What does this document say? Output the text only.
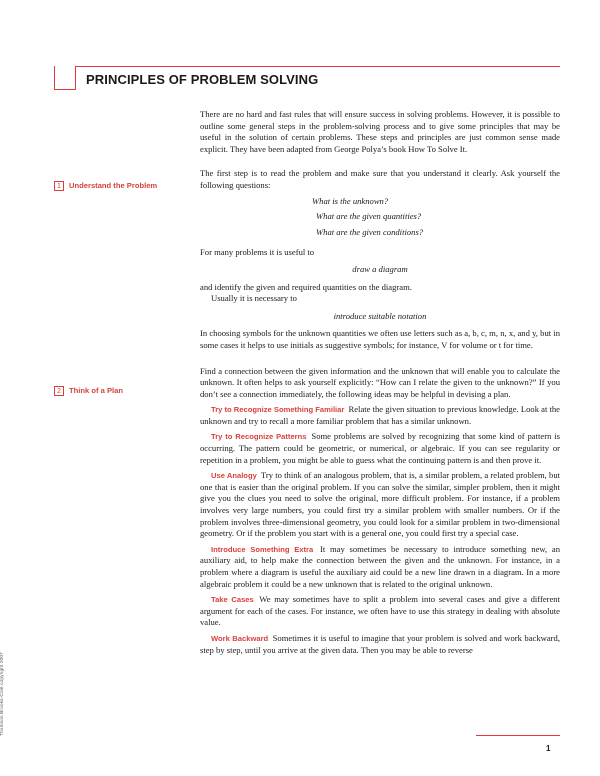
PRINCIPLES OF PROBLEM SOLVING
1 Understand the Problem
2 Think of a Plan

There are no hard and fast rules that will ensure success in solving problems. However, it is possible to outline some general steps in the problem-solving process and to give some principles that may be useful in the solution of certain problems. These steps and principles are just common sense made explicit. They have been adapted from George Polya’s book How To Solve It.

The first step is to read the problem and make sure that you understand it clearly. Ask yourself the following questions:

What is the unknown?

What are the given quantities?

What are the given conditions?

For many problems it is useful to

draw a diagram

and identify the given and required quantities on the diagram.

Usually it is necessary to

introduce suitable notation

In choosing symbols for the unknown quantities we often use letters such as a, b, c, m, n, x, and y, but in some cases it helps to use initials as suggestive symbols; for instance, V for volume or t for time.

Find a connection between the given information and the unknown that will enable you to calculate the unknown. It often helps to ask yourself explicitly: “How can I relate the given to the unknown?” If you don’t see a connection immediately, the following ideas may be helpful in devising a plan.

Try to Recognize Something Familiar Relate the given situation to previous knowledge. Look at the unknown and try to recall a more familiar problem that has a similar unknown.

Try to Recognize Patterns Some problems are solved by recognizing that some kind of pattern is occurring. The pattern could be geometric, or numerical, or algebraic. If you can see regularity or repetition in a problem, you might be able to guess what the continuing pattern is and then prove it.

Use Analogy Try to think of an analogous problem, that is, a similar problem, a related problem, but one that is easier than the original problem. If you can solve the similar, simpler problem, then it might give you the clues you need to solve the original, more difficult problem. For instance, if a problem involves very large numbers, you could first try a similar problem with smaller numbers. Or if the problem involves three-dimensional geometry, you could look for a similar problem in two-dimensional geometry. Or if the problem you start with is a general one, you could first try a special case.

Introduce Something Extra It may sometimes be necessary to introduce something new, an auxiliary aid, to help make the connection between the given and the unknown. For instance, in a problem where a diagram is useful the auxiliary aid could be a new line drawn in a diagram. In a more algebraic problem it could be a new unknown that is related to the original unknown.

Take Cases We may sometimes have to split a problem into several cases and give a different argument for each of the cases. For instance, we often have to use this strategy in dealing with absolute value.

Work Backward Sometimes it is useful to imagine that your problem is solved and work backward, step by step, until you arrive at the given data. Then you may be able to reverse

Thomson Brooks-Cole copyright 2007
1
